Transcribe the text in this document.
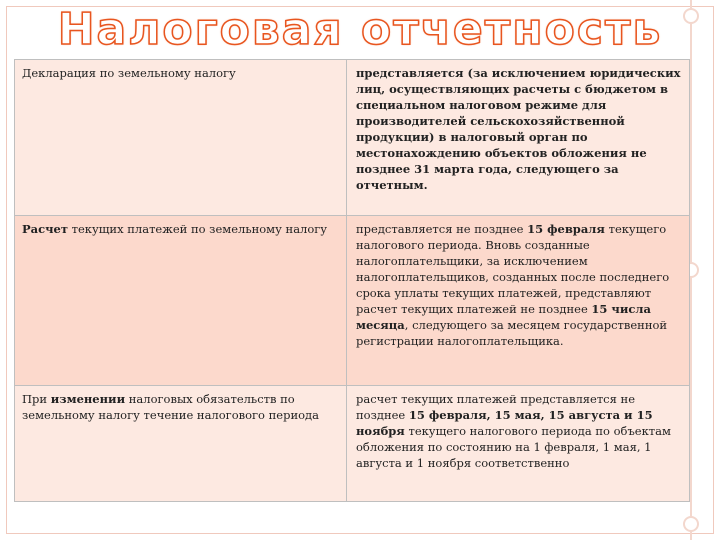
Налоговая отчетность
Декларация по земельному налогу	представляется (за исключением юридических лиц, осуществляющих расчеты с бюджетом в специальном налоговом режиме для производителей сельскохозяйственной продукции) в налоговый орган по местонахождению объектов обложения не позднее 31 марта года, следующего за отчетным.
Расчет текущих платежей по земельному налогу	представляется не позднее 15 февраля текущего налогового периода. Вновь созданные налогоплательщики, за исключением налогоплательщиков, созданных после последнего срока уплаты текущих платежей, представляют расчет текущих платежей не позднее 15 числа месяца, следующего за месяцем государственной регистрации налогоплательщика.
При изменении налоговых обязательств по земельному налогу течение налогового периода	расчет текущих платежей представляется не позднее 15 февраля, 15 мая, 15 августа и 15 ноября текущего налогового периода по объектам обложения по состоянию на 1 февраля, 1 мая, 1 августа и 1 ноября соответственно
